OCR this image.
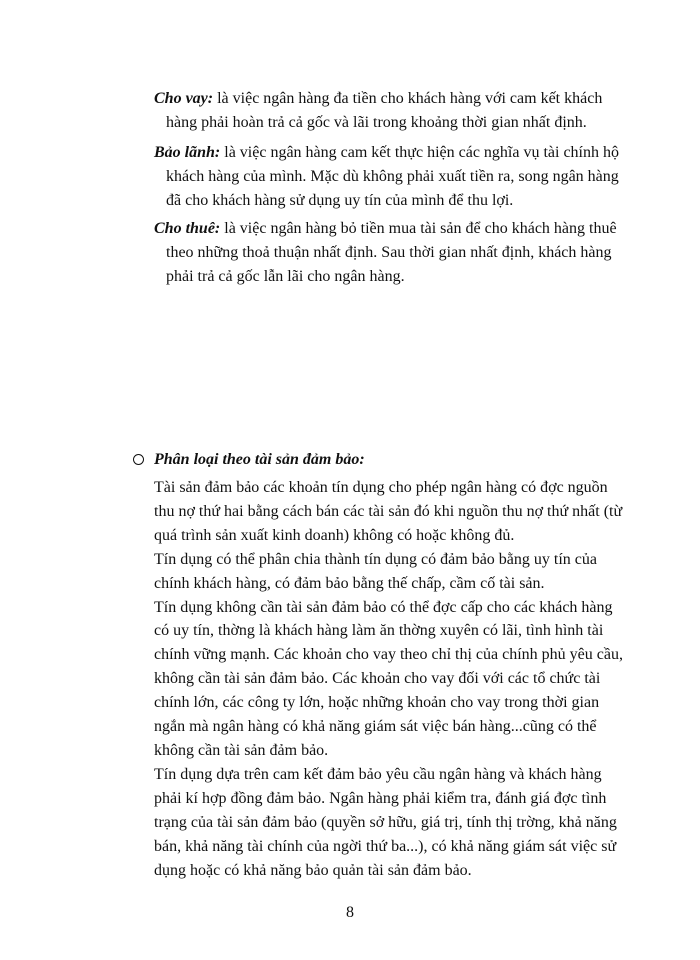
Cho vay: là việc ngân hàng đa tiền cho khách hàng với cam kết khách
hàng phải hoàn trả cả gốc và lãi trong khoảng thời gian nhất định.
Bảo lãnh: là việc ngân hàng cam kết thực hiện các nghĩa vụ tài chính hộ
khách hàng của mình. Mặc dù không phải xuất tiền ra, song ngân hàng
đã cho khách hàng sử dụng uy tín của mình để thu lợi.
Cho thuê: là việc ngân hàng bỏ tiền mua tài sản để cho khách hàng thuê
theo những thoả thuận nhất định. Sau thời gian nhất định, khách hàng
phải trả cả gốc lẫn lãi cho ngân hàng.
Phân loại theo tài sản đảm bảo:
Tài sản đảm bảo các khoản tín dụng cho phép ngân hàng có đợc nguồn
thu nợ thứ hai bằng cách bán các tài sản đó khi nguồn thu nợ thứ nhất (từ
quá trình sản xuất kinh doanh) không có hoặc không đủ.
Tín dụng có thể phân chia thành tín dụng có đảm bảo bằng uy tín của
chính khách hàng, có đảm bảo bằng thế chấp, cầm cố tài sản.
Tín dụng không cần tài sản đảm bảo có thể đợc cấp cho các khách hàng
có uy tín, thờng là khách hàng làm ăn thờng xuyên có lãi, tình hình tài
chính vững mạnh. Các khoản cho vay theo chỉ thị của chính phủ yêu cầu,
không cần tài sản đảm bảo. Các khoản cho vay đối với các tổ chức tài
chính lớn, các công ty lớn, hoặc những khoản cho vay trong thời gian
ngắn mà ngân hàng có khả năng giám sát việc bán hàng...cũng có thể
không cần tài sản đảm bảo.
Tín dụng dựa trên cam kết đảm bảo yêu cầu ngân hàng và khách hàng
phải kí hợp đồng đảm bảo. Ngân hàng phải kiểm tra, đánh giá đợc tình
trạng của tài sản đảm bảo (quyền sở hữu, giá trị, tính thị trờng, khả năng
bán, khả năng tài chính của ngời thứ ba...), có khả năng giám sát việc sử
dụng hoặc có khả năng bảo quản tài sản đảm bảo.
8
